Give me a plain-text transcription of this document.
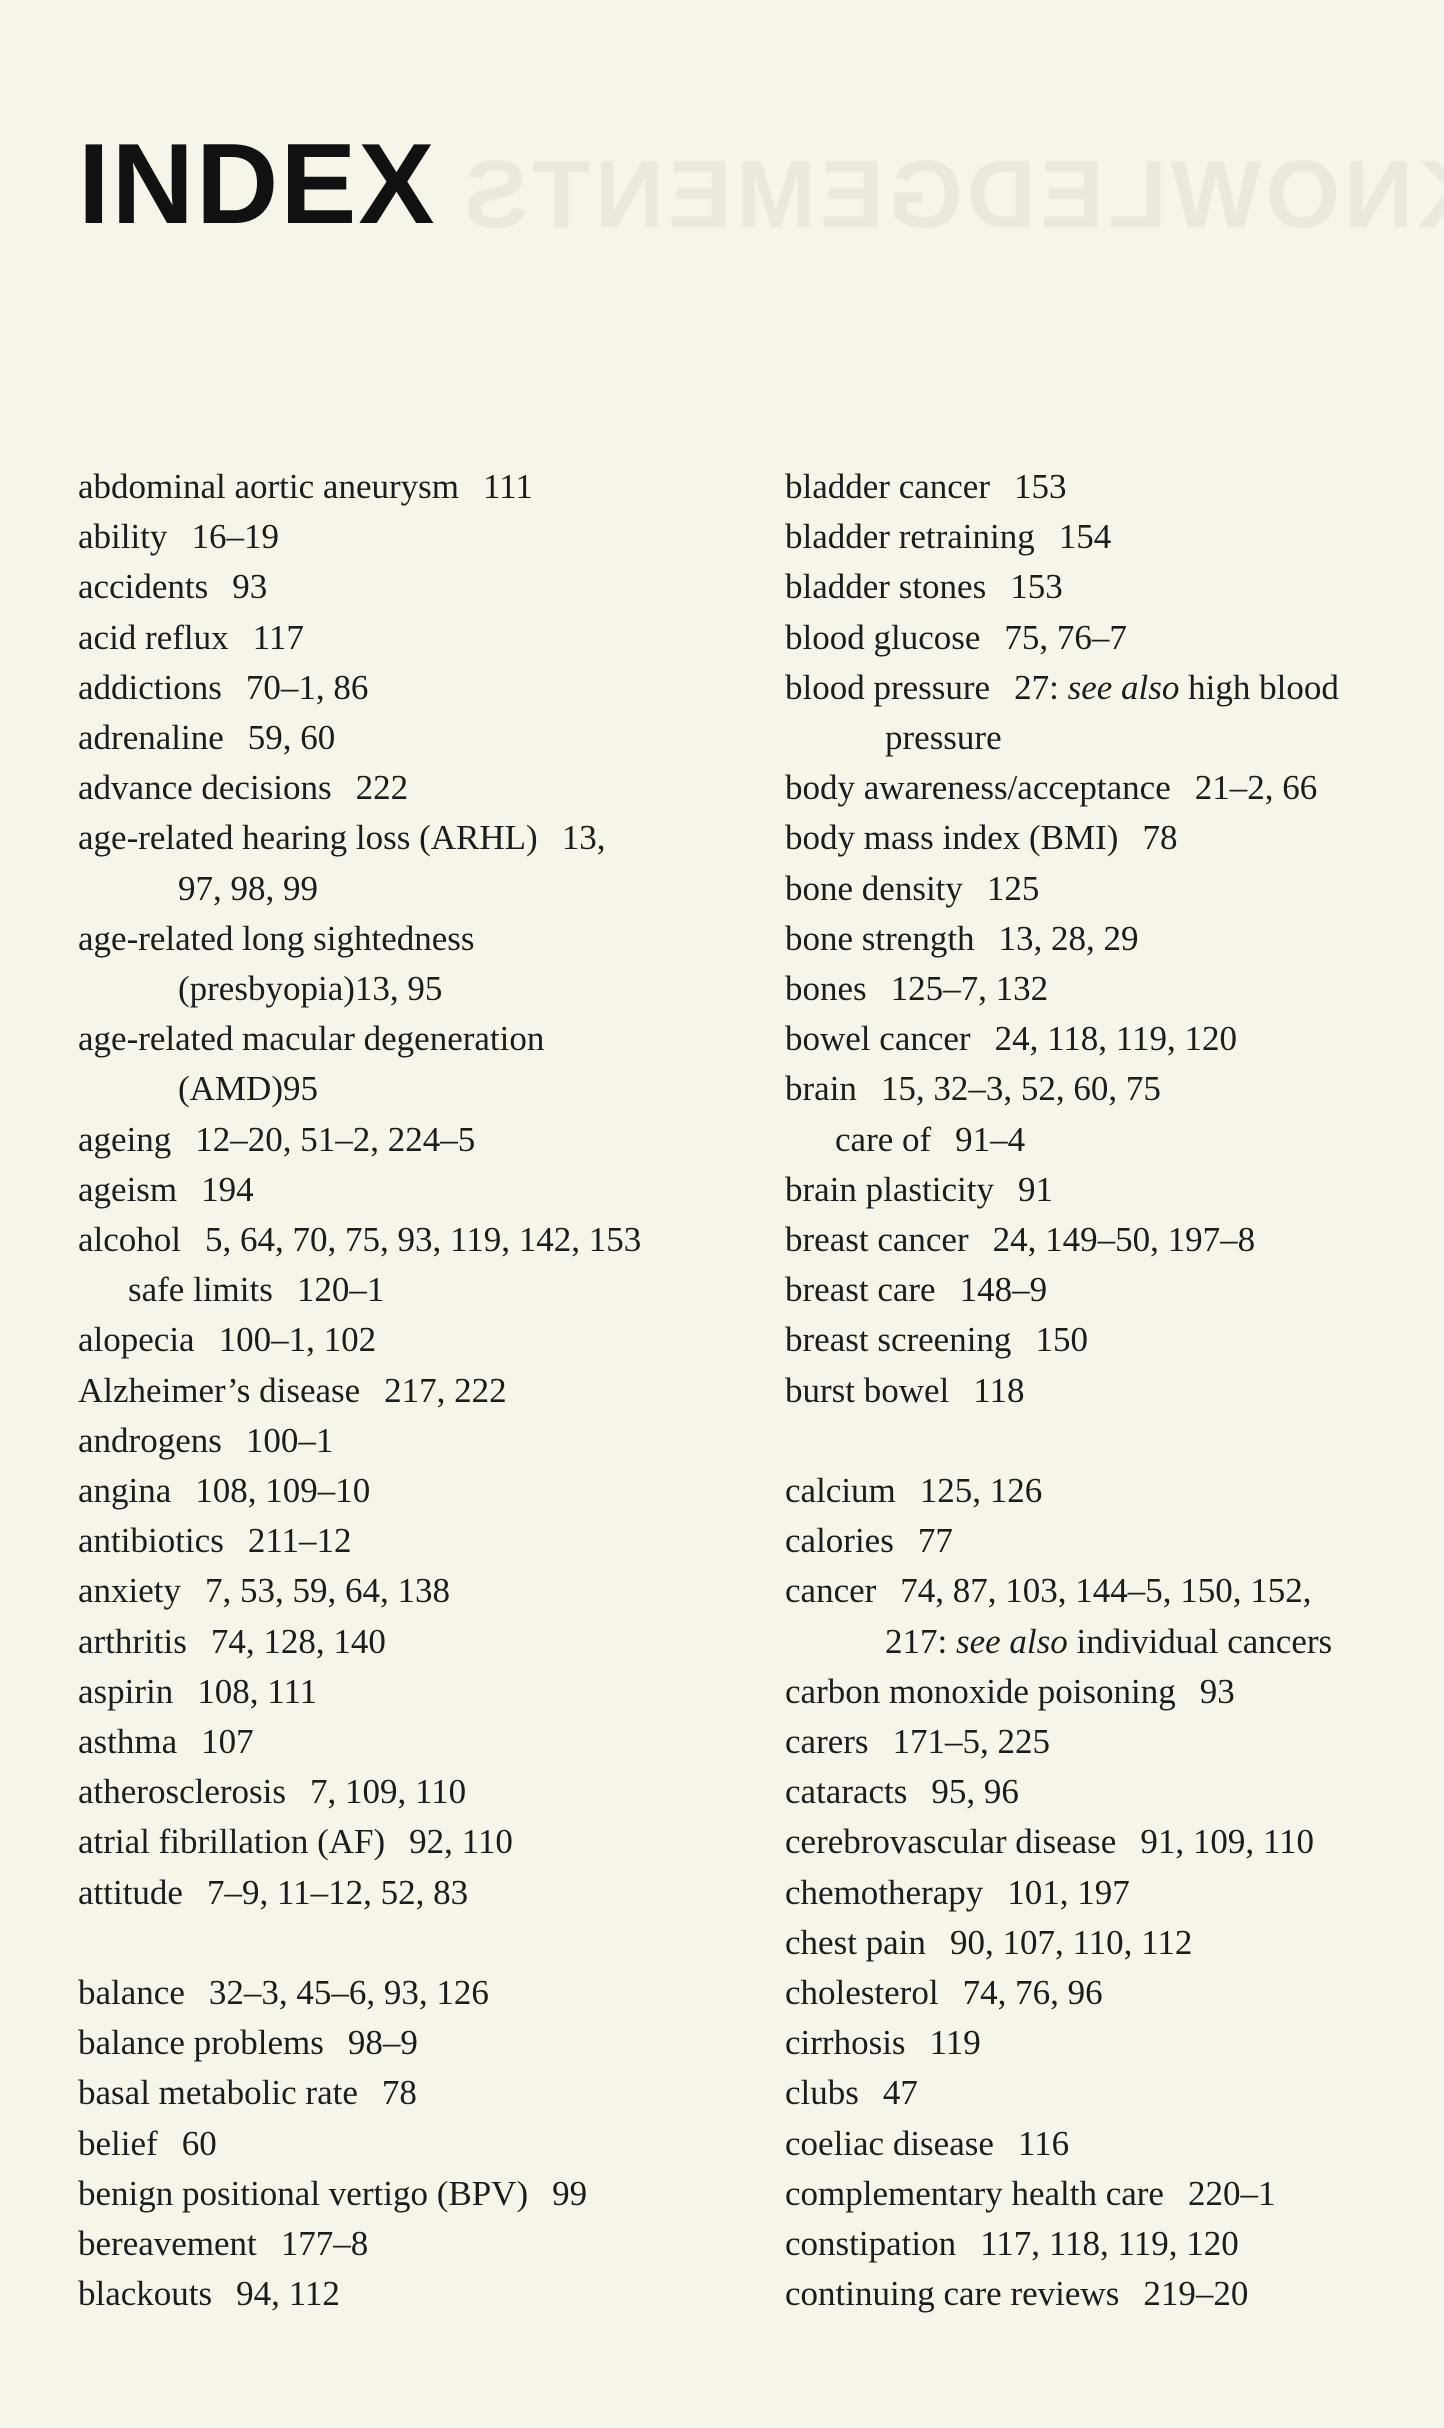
INDEX
abdominal aortic aneurysm 111
ability 16–19
accidents 93
acid reflux 117
addictions 70–1, 86
adrenaline 59, 60
advance decisions 222
age-related hearing loss (ARHL) 13,
97, 98, 99
age-related long sightedness
(presbyopia)13, 95
age-related macular degeneration
(AMD)95
ageing 12–20, 51–2, 224–5
ageism 194
alcohol 5, 64, 70, 75, 93, 119, 142, 153
safe limits 120–1
alopecia 100–1, 102
Alzheimer’s disease 217, 222
androgens 100–1
angina 108, 109–10
antibiotics 211–12
anxiety 7, 53, 59, 64, 138
arthritis 74, 128, 140
aspirin 108, 111
asthma 107
atherosclerosis 7, 109, 110
atrial fibrillation (AF) 92, 110
attitude 7–9, 11–12, 52, 83
balance 32–3, 45–6, 93, 126
balance problems 98–9
basal metabolic rate 78
belief 60
benign positional vertigo (BPV) 99
bereavement 177–8
blackouts 94, 112
bladder cancer 153
bladder retraining 154
bladder stones 153
blood glucose 75, 76–7
blood pressure 27: see also high blood
pressure
body awareness/acceptance 21–2, 66
body mass index (BMI) 78
bone density 125
bone strength 13, 28, 29
bones 125–7, 132
bowel cancer 24, 118, 119, 120
brain 15, 32–3, 52, 60, 75
care of 91–4
brain plasticity 91
breast cancer 24, 149–50, 197–8
breast care 148–9
breast screening 150
burst bowel 118
calcium 125, 126
calories 77
cancer 74, 87, 103, 144–5, 150, 152,
217: see also individual cancers
carbon monoxide poisoning 93
carers 171–5, 225
cataracts 95, 96
cerebrovascular disease 91, 109, 110
chemotherapy 101, 197
chest pain 90, 107, 110, 112
cholesterol 74, 76, 96
cirrhosis 119
clubs 47
coeliac disease 116
complementary health care 220–1
constipation 117, 118, 119, 120
continuing care reviews 219–20
